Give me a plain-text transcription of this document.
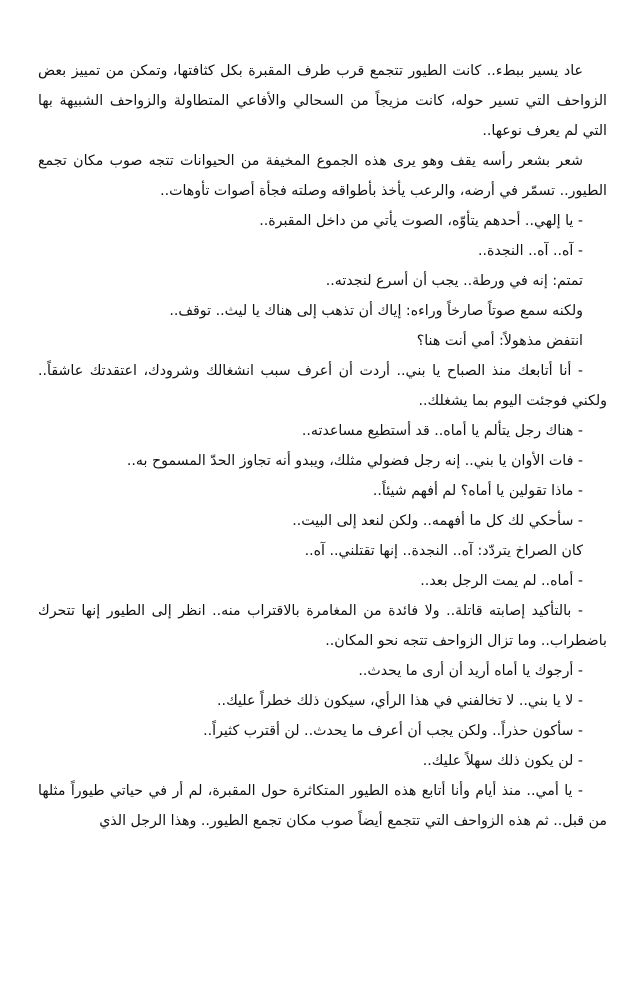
عاد يسير ببطء.. كانت الطيور تتجمع قرب طرف المقبرة بكل كثافتها، وتمكن من تمييز بعض الزواحف التي تسير حوله، كانت مزيجاً من السحالي والأفاعي المتطاولة والزواحف الشبيهة بها التي لم يعرف نوعها..

شعر بشعر رأسه يقف وهو يرى هذه الجموع المخيفة من الحيوانات تتجه صوب مكان تجمع الطيور.. تسمّر في أرضه، والرعب يأخذ بأطواقه وصلته فجأة أصوات تأوهات..

- يا إلهي.. أحدهم يتأوّه، الصوت يأتي من داخل المقبرة..

- آه.. آه.. النجدة..

تمتم: إنه في ورطة.. يجب أن أسرع لنجدته..

ولكنه سمع صوتاً صارخاً وراءه: إياك أن تذهب إلى هناك يا ليث.. توقف..

انتفض مذهولاً: أمي أنت هنا؟

- أنا أتابعك منذ الصباح يا بني.. أردت أن أعرف سبب انشغالك وشرودك، اعتقدتك عاشقاً.. ولكني فوجئت اليوم بما يشغلك..

- هناك رجل يتألم يا أماه.. قد أستطيع مساعدته..

- فات الأوان يا بني.. إنه رجل فضولي مثلك، ويبدو أنه تجاوز الحدّ المسموح به..

- ماذا تقولين يا أماه؟ لم أفهم شيئاً..

- سأحكي لك كل ما أفهمه.. ولكن لنعد إلى البيت..

كان الصراخ يتردّد: آه.. النجدة.. إنها تقتلني.. آه..

- أماه.. لم يمت الرجل بعد..

- بالتأكيد إصابته قاتلة.. ولا فائدة من المغامرة بالاقتراب منه.. انظر إلى الطيور إنها تتحرك باضطراب.. وما تزال الزواحف تتجه نحو المكان..

- أرجوك يا أماه أريد أن أرى ما يحدث..

- لا يا بني.. لا تخالفني في هذا الرأي، سيكون ذلك خطراً عليك..

- سأكون حذراً.. ولكن يجب أن أعرف ما يحدث.. لن أقترب كثيراً..

- لن يكون ذلك سهلاً عليك..

- يا أمي.. منذ أيام وأنا أتابع هذه الطيور المتكاثرة حول المقبرة، لم أر في حياتي طيوراً مثلها من قبل.. ثم هذه الزواحف التي تتجمع أيضاً صوب مكان تجمع الطيور.. وهذا الرجل الذي
